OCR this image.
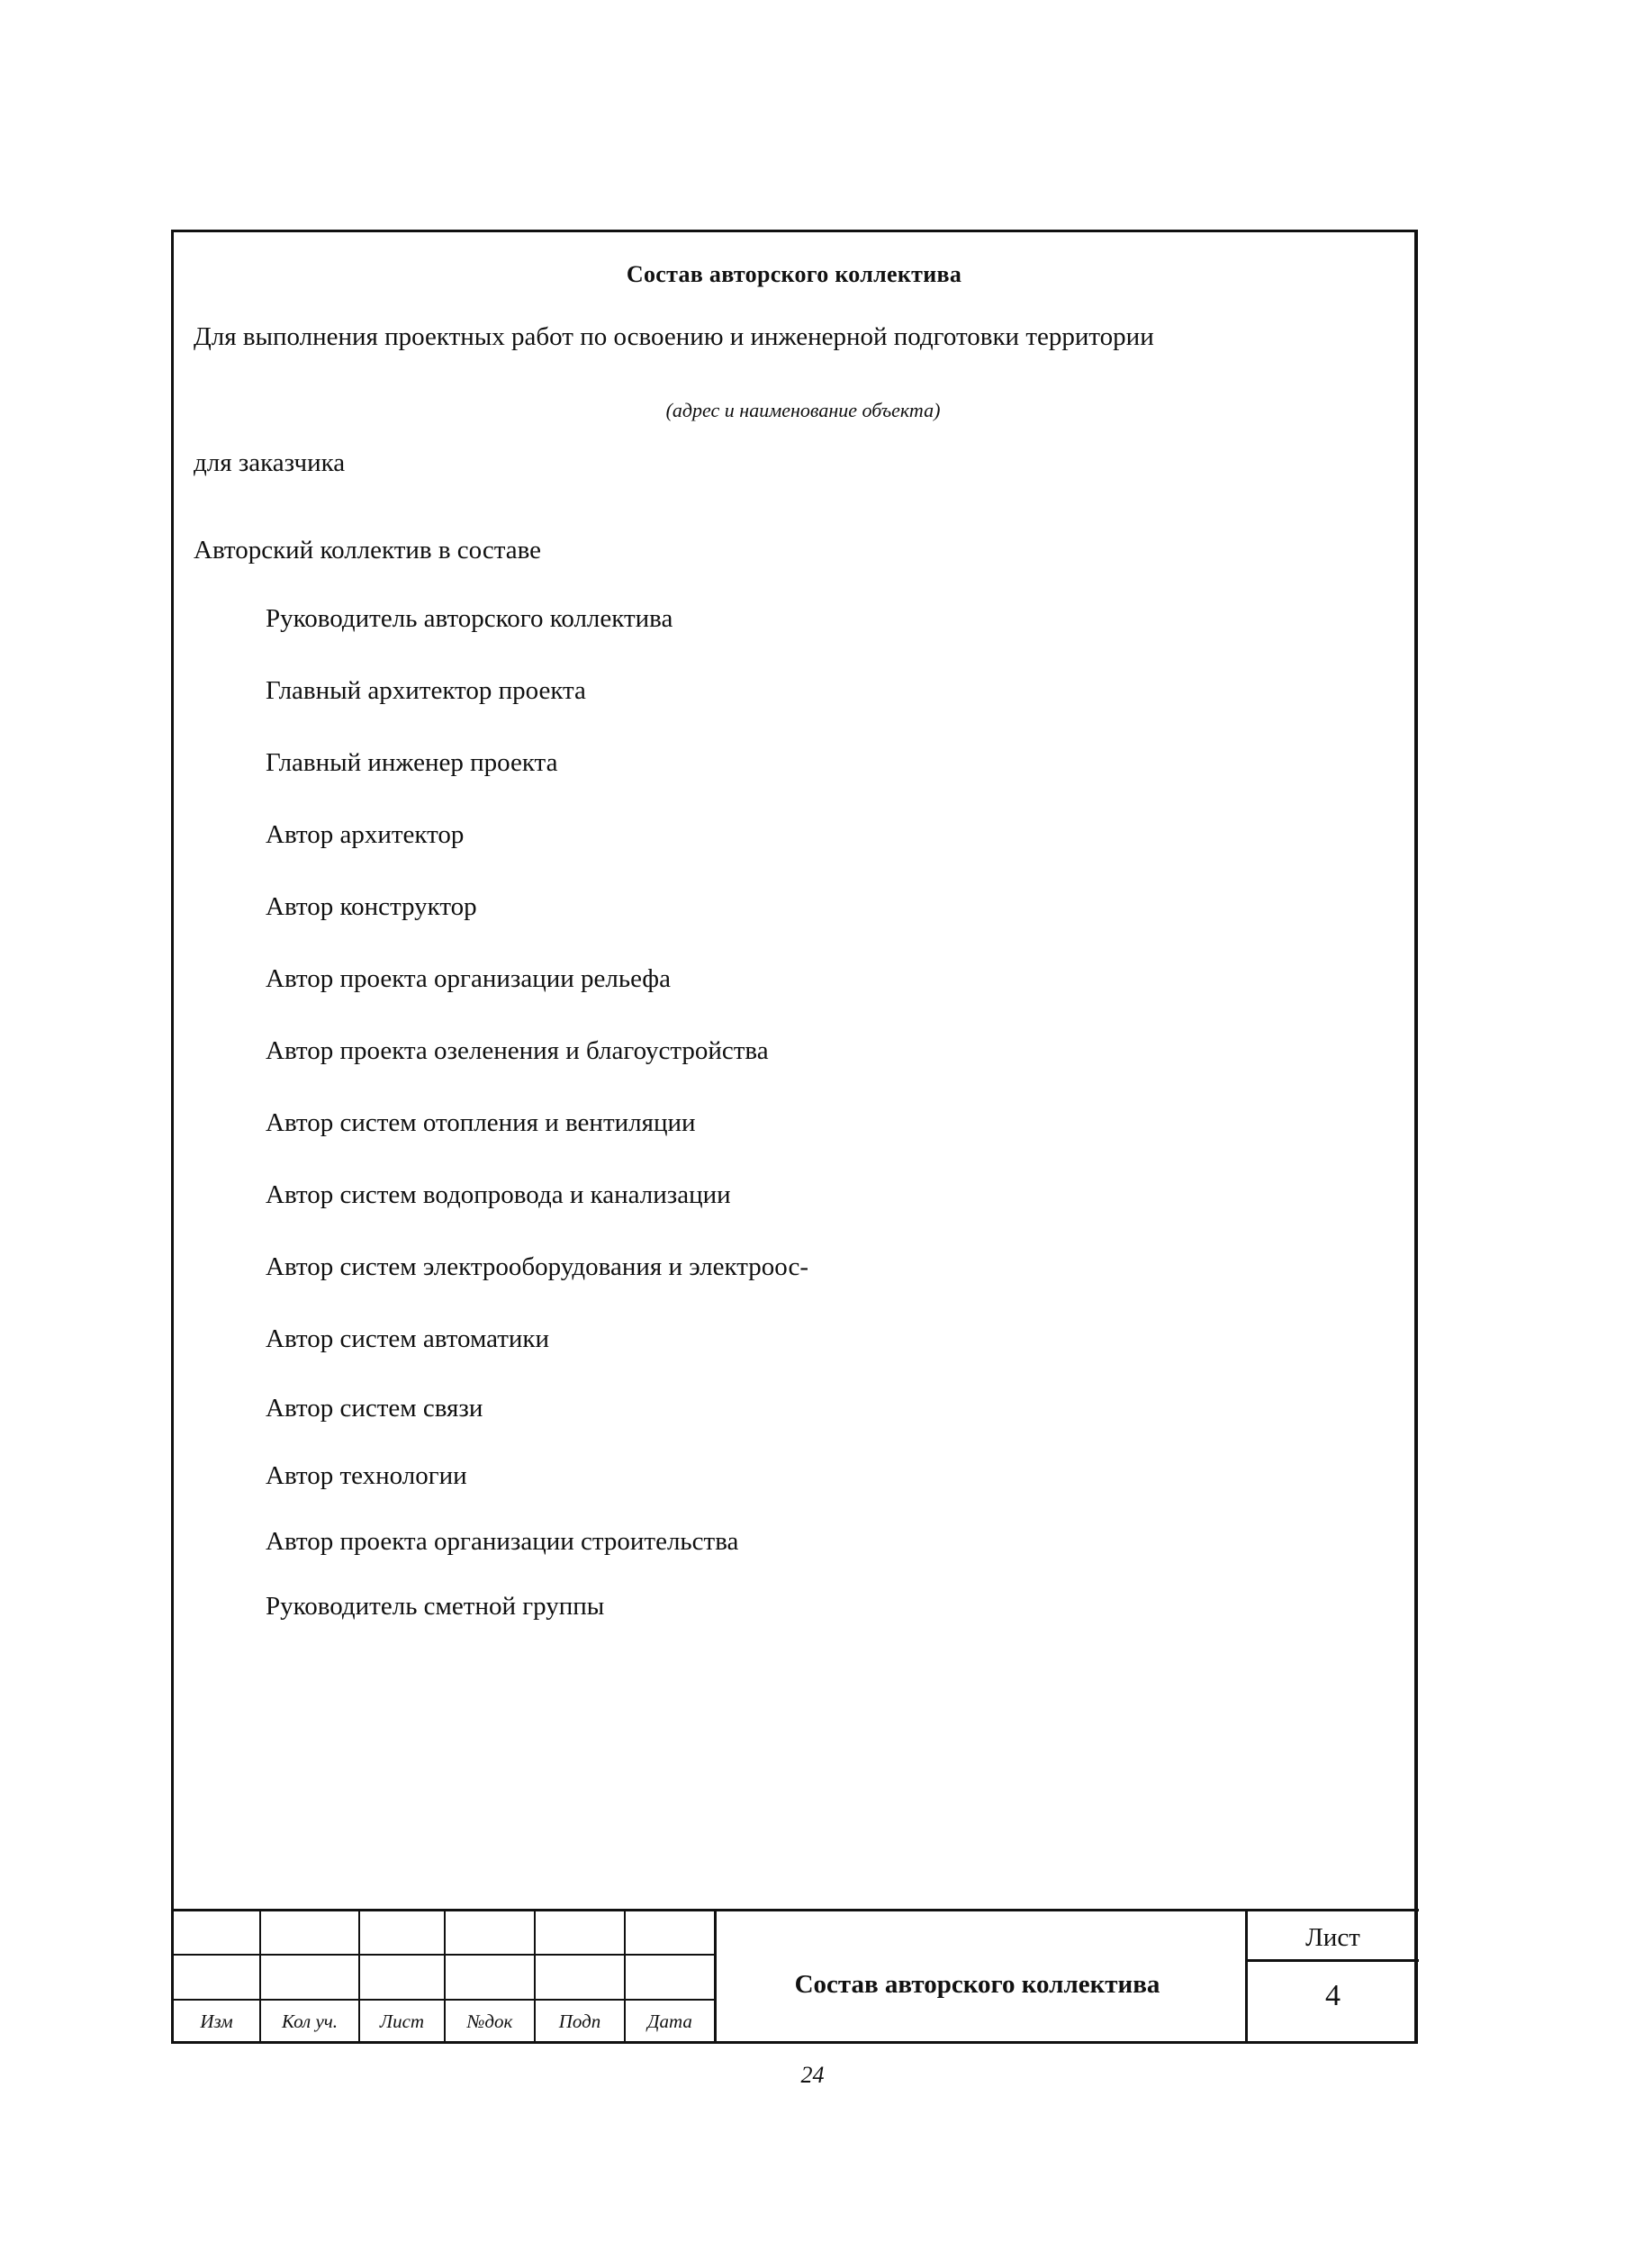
Состав авторского коллектива
Для выполнения проектных работ по освоению и инженерной подготовки территории
(адрес и наименование объекта)
для заказчика
Авторский коллектив в составе
Руководитель авторского коллектива
Главный архитектор проекта
Главный инженер проекта
Автор архитектор
Автор конструктор
Автор проекта организации рельефа
Автор проекта озеленения и благоустройства
Автор систем отопления и вентиляции
Автор систем водопровода и канализации
Автор систем электрооборудования и электроос-
Автор систем автоматики
Автор систем связи
Автор технологии
Автор проекта организации строительства
Руководитель сметной группы
Изм	Кол уч.	Лист	№док	Подп	Дата
Состав авторского коллектива
Лист
4
24
